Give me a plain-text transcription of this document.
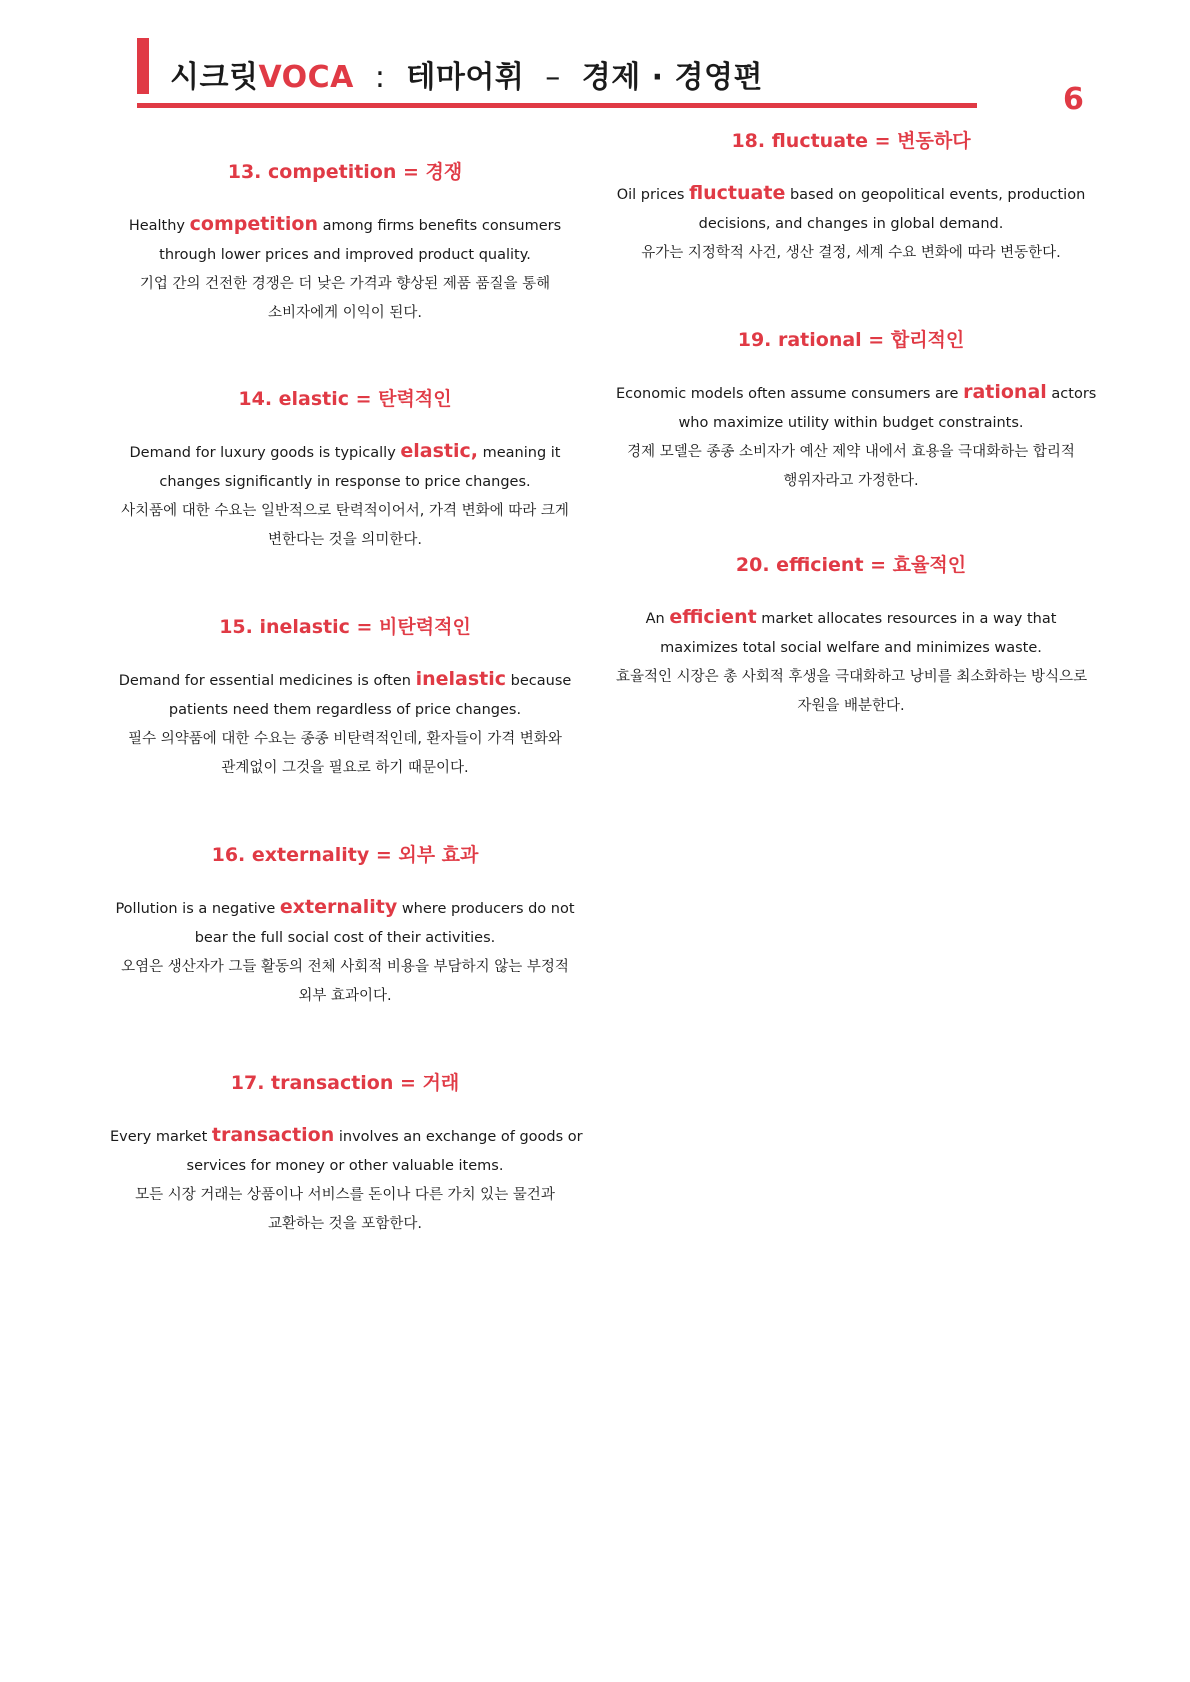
시크릿VOCA : 테마어휘 – 경제 · 경영편
6
13. competition = 경쟁
Healthy competition among firms benefits consumers
through lower prices and improved product quality.
기업 간의 건전한 경쟁은 더 낮은 가격과 향상된 제품 품질을 통해
소비자에게 이익이 된다.
14. elastic = 탄력적인
Demand for luxury goods is typically elastic, meaning it
changes significantly in response to price changes.
사치품에 대한 수요는 일반적으로 탄력적이어서, 가격 변화에 따라 크게
변한다는 것을 의미한다.
15. inelastic = 비탄력적인
Demand for essential medicines is often inelastic because
patients need them regardless of price changes.
필수 의약품에 대한 수요는 종종 비탄력적인데, 환자들이 가격 변화와
관계없이 그것을 필요로 하기 때문이다.
16. externality = 외부 효과
Pollution is a negative externality where producers do not
bear the full social cost of their activities.
오염은 생산자가 그들 활동의 전체 사회적 비용을 부담하지 않는 부정적
외부 효과이다.
17. transaction = 거래
Every market transaction involves an exchange of goods or
services for money or other valuable items.
모든 시장 거래는 상품이나 서비스를 돈이나 다른 가치 있는 물건과
교환하는 것을 포함한다.
18. fluctuate = 변동하다
Oil prices fluctuate based on geopolitical events, production
decisions, and changes in global demand.
유가는 지정학적 사건, 생산 결정, 세계 수요 변화에 따라 변동한다.
19. rational = 합리적인
Economic models often assume consumers are rational actors
who maximize utility within budget constraints.
경제 모델은 종종 소비자가 예산 제약 내에서 효용을 극대화하는 합리적
행위자라고 가정한다.
20. efficient = 효율적인
An efficient market allocates resources in a way that
maximizes total social welfare and minimizes waste.
효율적인 시장은 총 사회적 후생을 극대화하고 낭비를 최소화하는 방식으로
자원을 배분한다.
